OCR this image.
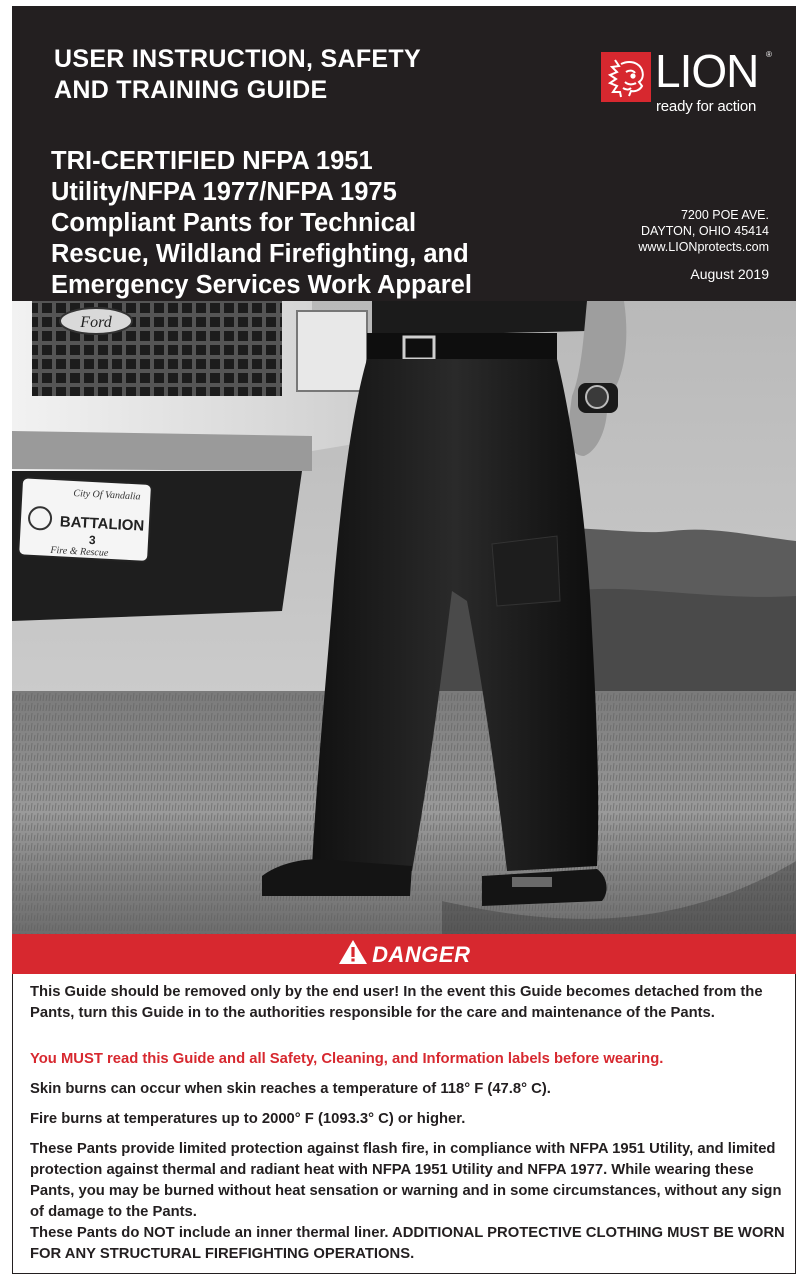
USER INSTRUCTION, SAFETY
AND TRAINING GUIDE
TRI-CERTIFIED NFPA 1951
Utility/NFPA 1977/NFPA 1975
Compliant Pants for Technical
Rescue, Wildland Firefighting, and
Emergency Services Work Apparel
LION ®
ready for action
7200 POE AVE.
DAYTON, OHIO 45414
www.LIONprotects.com
August 2019
Ford
City Of Vandalia
BATTALION
3
Fire & Rescue
DANGER
This Guide should be removed only by the end user! In the event this Guide becomes detached from the Pants, turn this Guide in to the authorities responsible for the care and maintenance of the Pants.
You MUST read this Guide and all Safety, Cleaning, and Information labels before wearing.
Skin burns can occur when skin reaches a temperature of 118° F (47.8° C).
Fire burns at temperatures up to 2000° F (1093.3° C) or higher.
These Pants provide limited protection against flash fire, in compliance with NFPA 1951 Utility, and limited protection against thermal and radiant heat with NFPA 1951 Utility and NFPA 1977. While wearing these Pants, you may be burned without heat sensation or warning and in some circumstances, without any sign of damage to the Pants.
These Pants do NOT include an inner thermal liner. ADDITIONAL PROTECTIVE CLOTHING MUST BE WORN FOR ANY STRUCTURAL FIREFIGHTING OPERATIONS.
